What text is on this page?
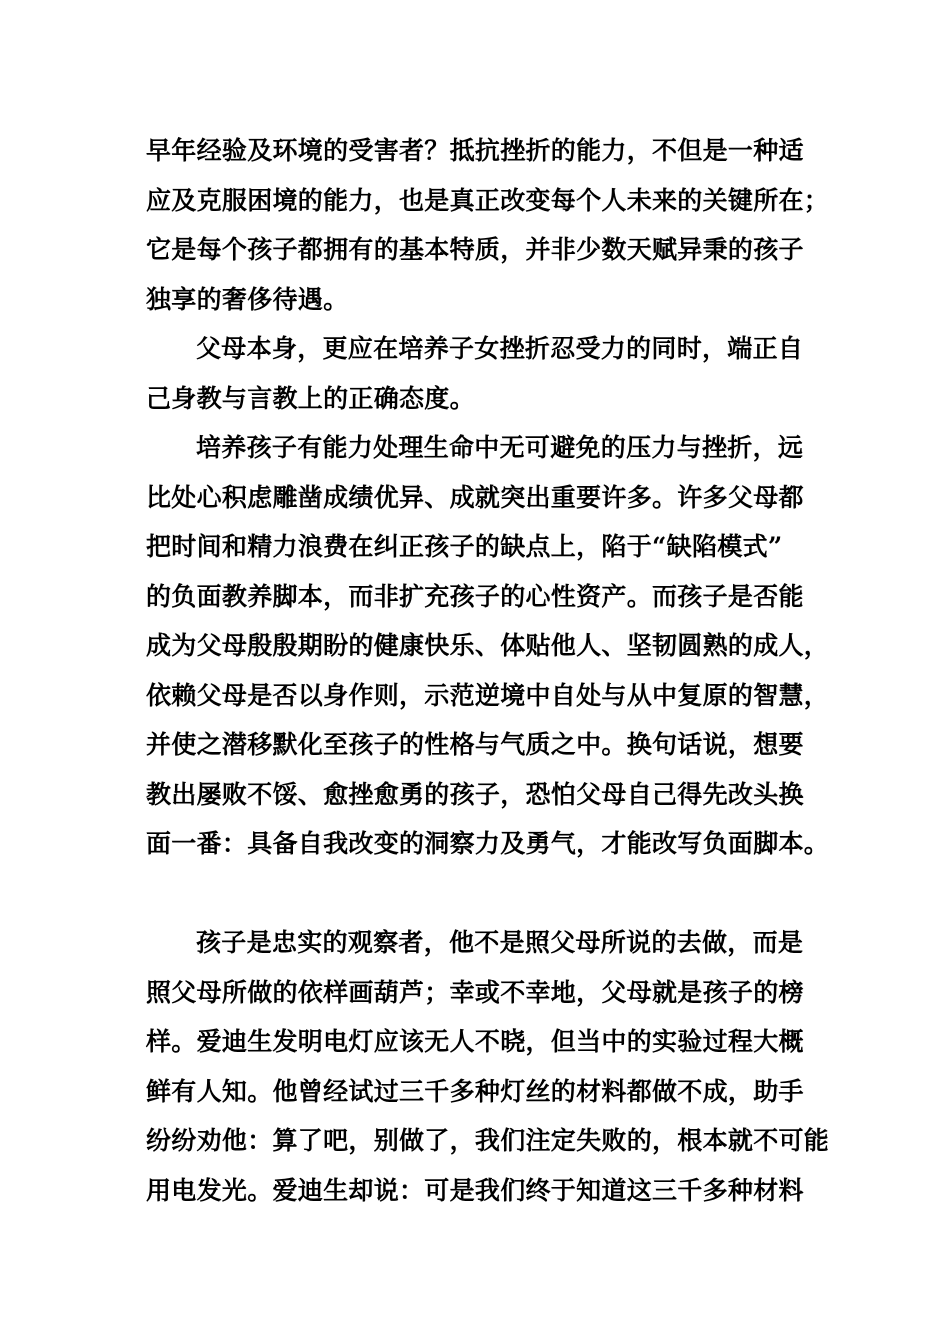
早年经验及环境的受害者？抵抗挫折的能力，不但是一种适
应及克服困境的能力，也是真正改变每个人未来的关键所在；
它是每个孩子都拥有的基本特质，并非少数天赋异秉的孩子
独享的奢侈待遇。
父母本身，更应在培养子女挫折忍受力的同时，端正自
己身教与言教上的正确态度。
培养孩子有能力处理生命中无可避免的压力与挫折，远
比处心积虑雕凿成绩优异、成就突出重要许多。许多父母都
把时间和精力浪费在纠正孩子的缺点上，陷于“缺陷模式”
的负面教养脚本，而非扩充孩子的心性资产。而孩子是否能
成为父母殷殷期盼的健康快乐、体贴他人、坚韧圆熟的成人，
依赖父母是否以身作则，示范逆境中自处与从中复原的智慧，
并使之潜移默化至孩子的性格与气质之中。换句话说，想要
教出屡败不馁、愈挫愈勇的孩子，恐怕父母自己得先改头换
面一番：具备自我改变的洞察力及勇气，才能改写负面脚本。
孩子是忠实的观察者，他不是照父母所说的去做，而是
照父母所做的依样画葫芦；幸或不幸地，父母就是孩子的榜
样。爱迪生发明电灯应该无人不晓，但当中的实验过程大概
鲜有人知。他曾经试过三千多种灯丝的材料都做不成，助手
纷纷劝他：算了吧，别做了，我们注定失败的，根本就不可能
用电发光。爱迪生却说：可是我们终于知道这三千多种材料
